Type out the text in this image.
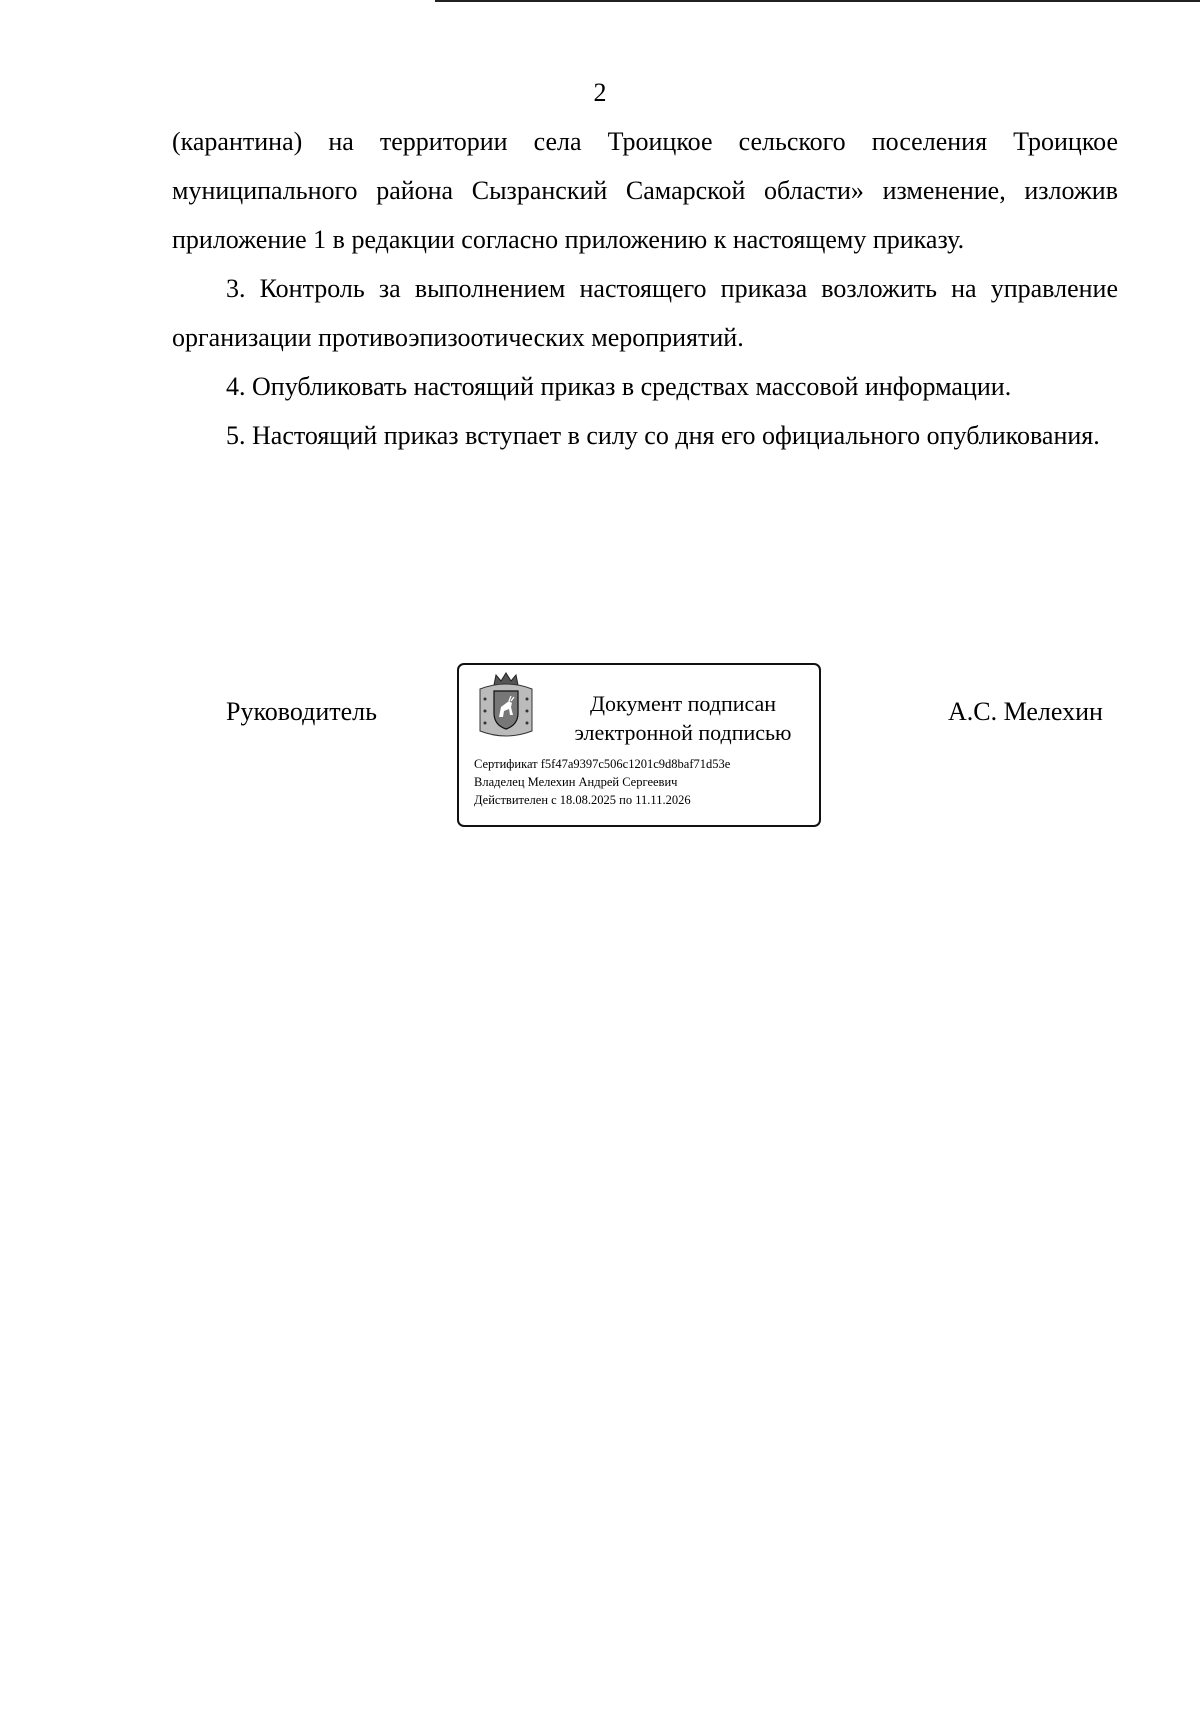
2

(карантина) на территории села Троицкое сельского поселения Троицкое муниципального района Сызранский Самарской области» изменение, изложив приложение 1 в редакции согласно приложению к настоящему приказу.

3. Контроль за выполнением настоящего приказа возложить на управление организации противоэпизоотических мероприятий.

4. Опубликовать настоящий приказ в средствах массовой информации.

5. Настоящий приказ вступает в силу со дня его официального опубликования.

Руководитель	Документ подписан
электронной подписью
Сертификат f5f47a9397c506c1201c9d8baf71d53e
Владелец Мелехин Андрей Сергеевич
Действителен с 18.08.2025 по 11.11.2026
А.С. Мелехин
